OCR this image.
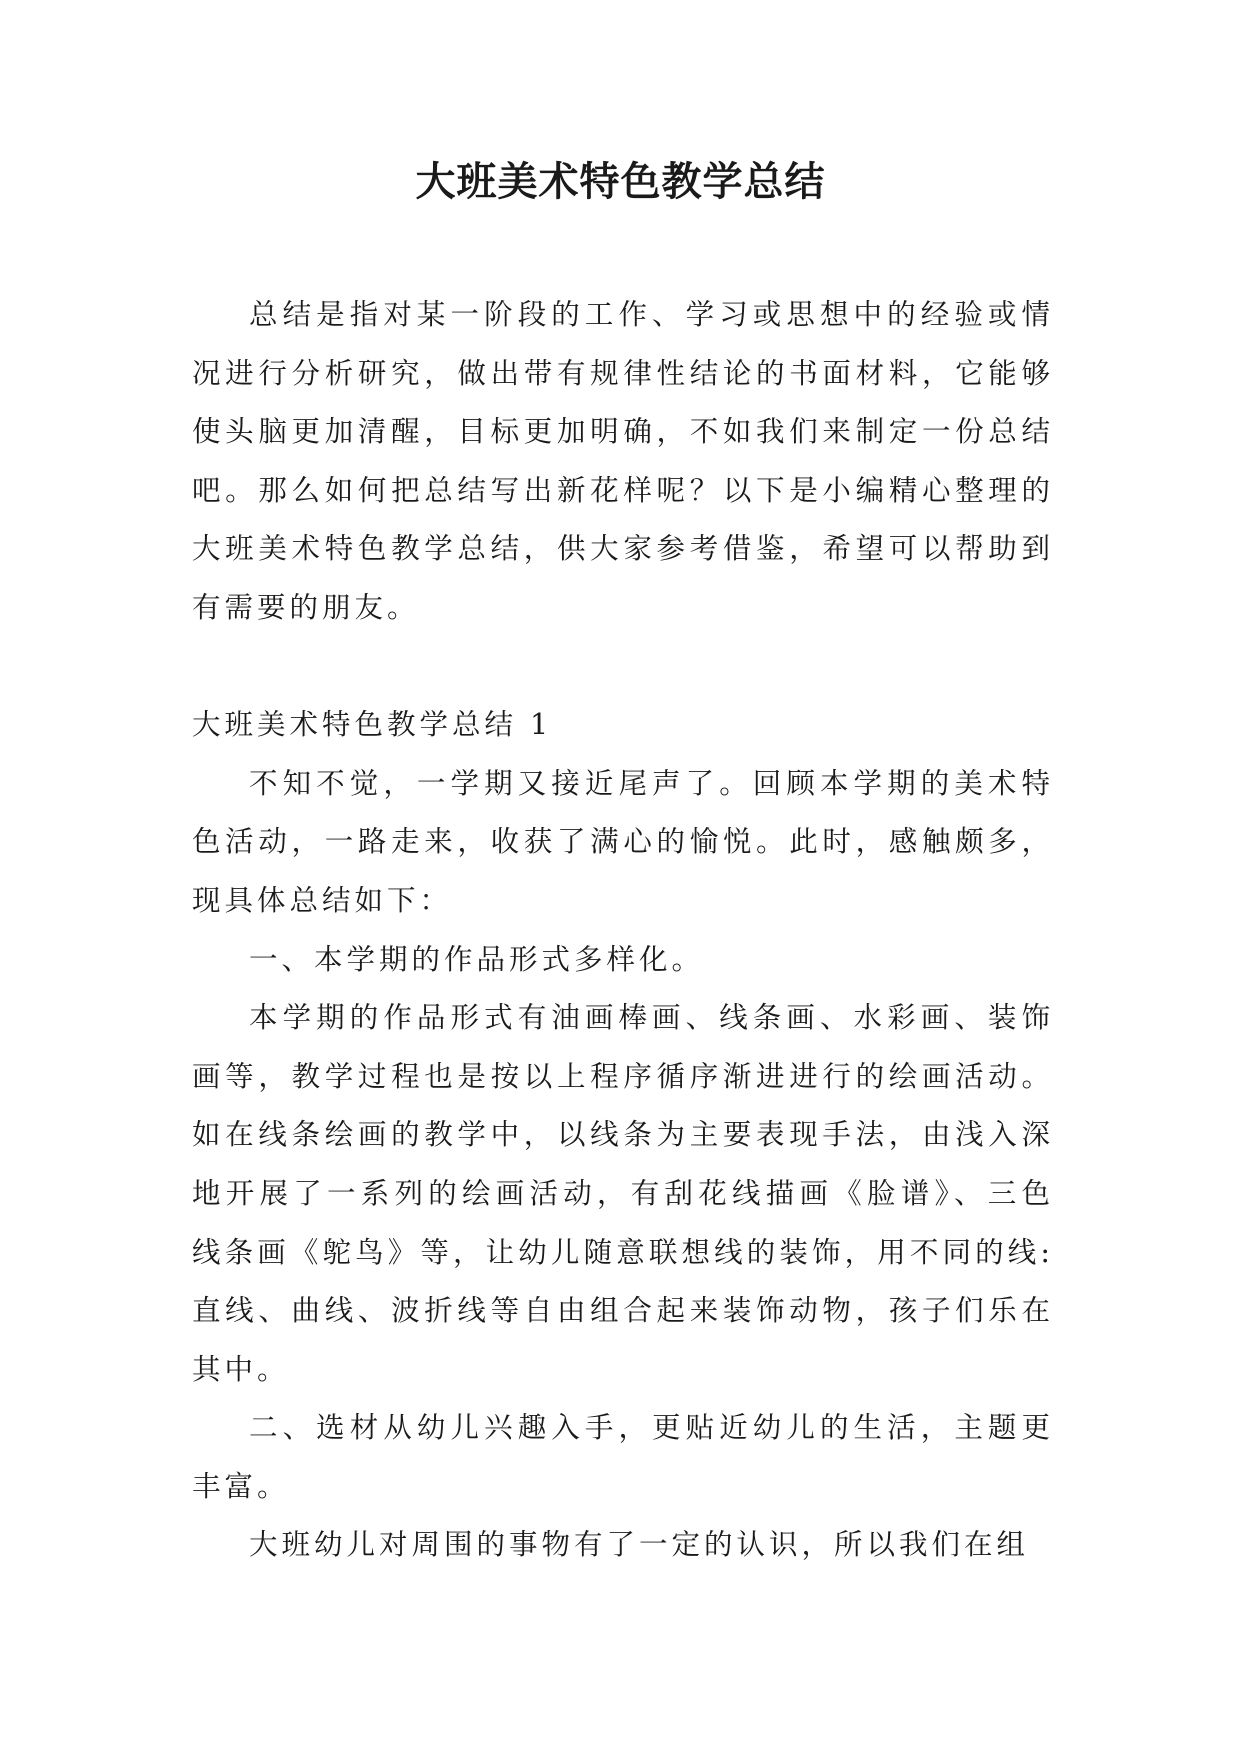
大班美术特色教学总结

总结是指对某一阶段的工作、学习或思想中的经验或情况进行分析研究，做出带有规律性结论的书面材料，它能够使头脑更加清醒，目标更加明确，不如我们来制定一份总结吧。那么如何把总结写出新花样呢？以下是小编精心整理的大班美术特色教学总结，供大家参考借鉴，希望可以帮助到有需要的朋友。

大班美术特色教学总结 1

不知不觉，一学期又接近尾声了。回顾本学期的美术特色活动，一路走来，收获了满心的愉悦。此时，感触颇多，现具体总结如下：

一、本学期的作品形式多样化。

本学期的作品形式有油画棒画、线条画、水彩画、装饰画等，教学过程也是按以上程序循序渐进进行的绘画活动。如在线条绘画的教学中，以线条为主要表现手法，由浅入深地开展了一系列的绘画活动，有刮花线描画《脸谱》、三色线条画《鸵鸟》等，让幼儿随意联想线的装饰，用不同的线:直线、曲线、波折线等自由组合起来装饰动物，孩子们乐在其中。

二、选材从幼儿兴趣入手，更贴近幼儿的生活，主题更丰富。

大班幼儿对周围的事物有了一定的认识，所以我们在组
